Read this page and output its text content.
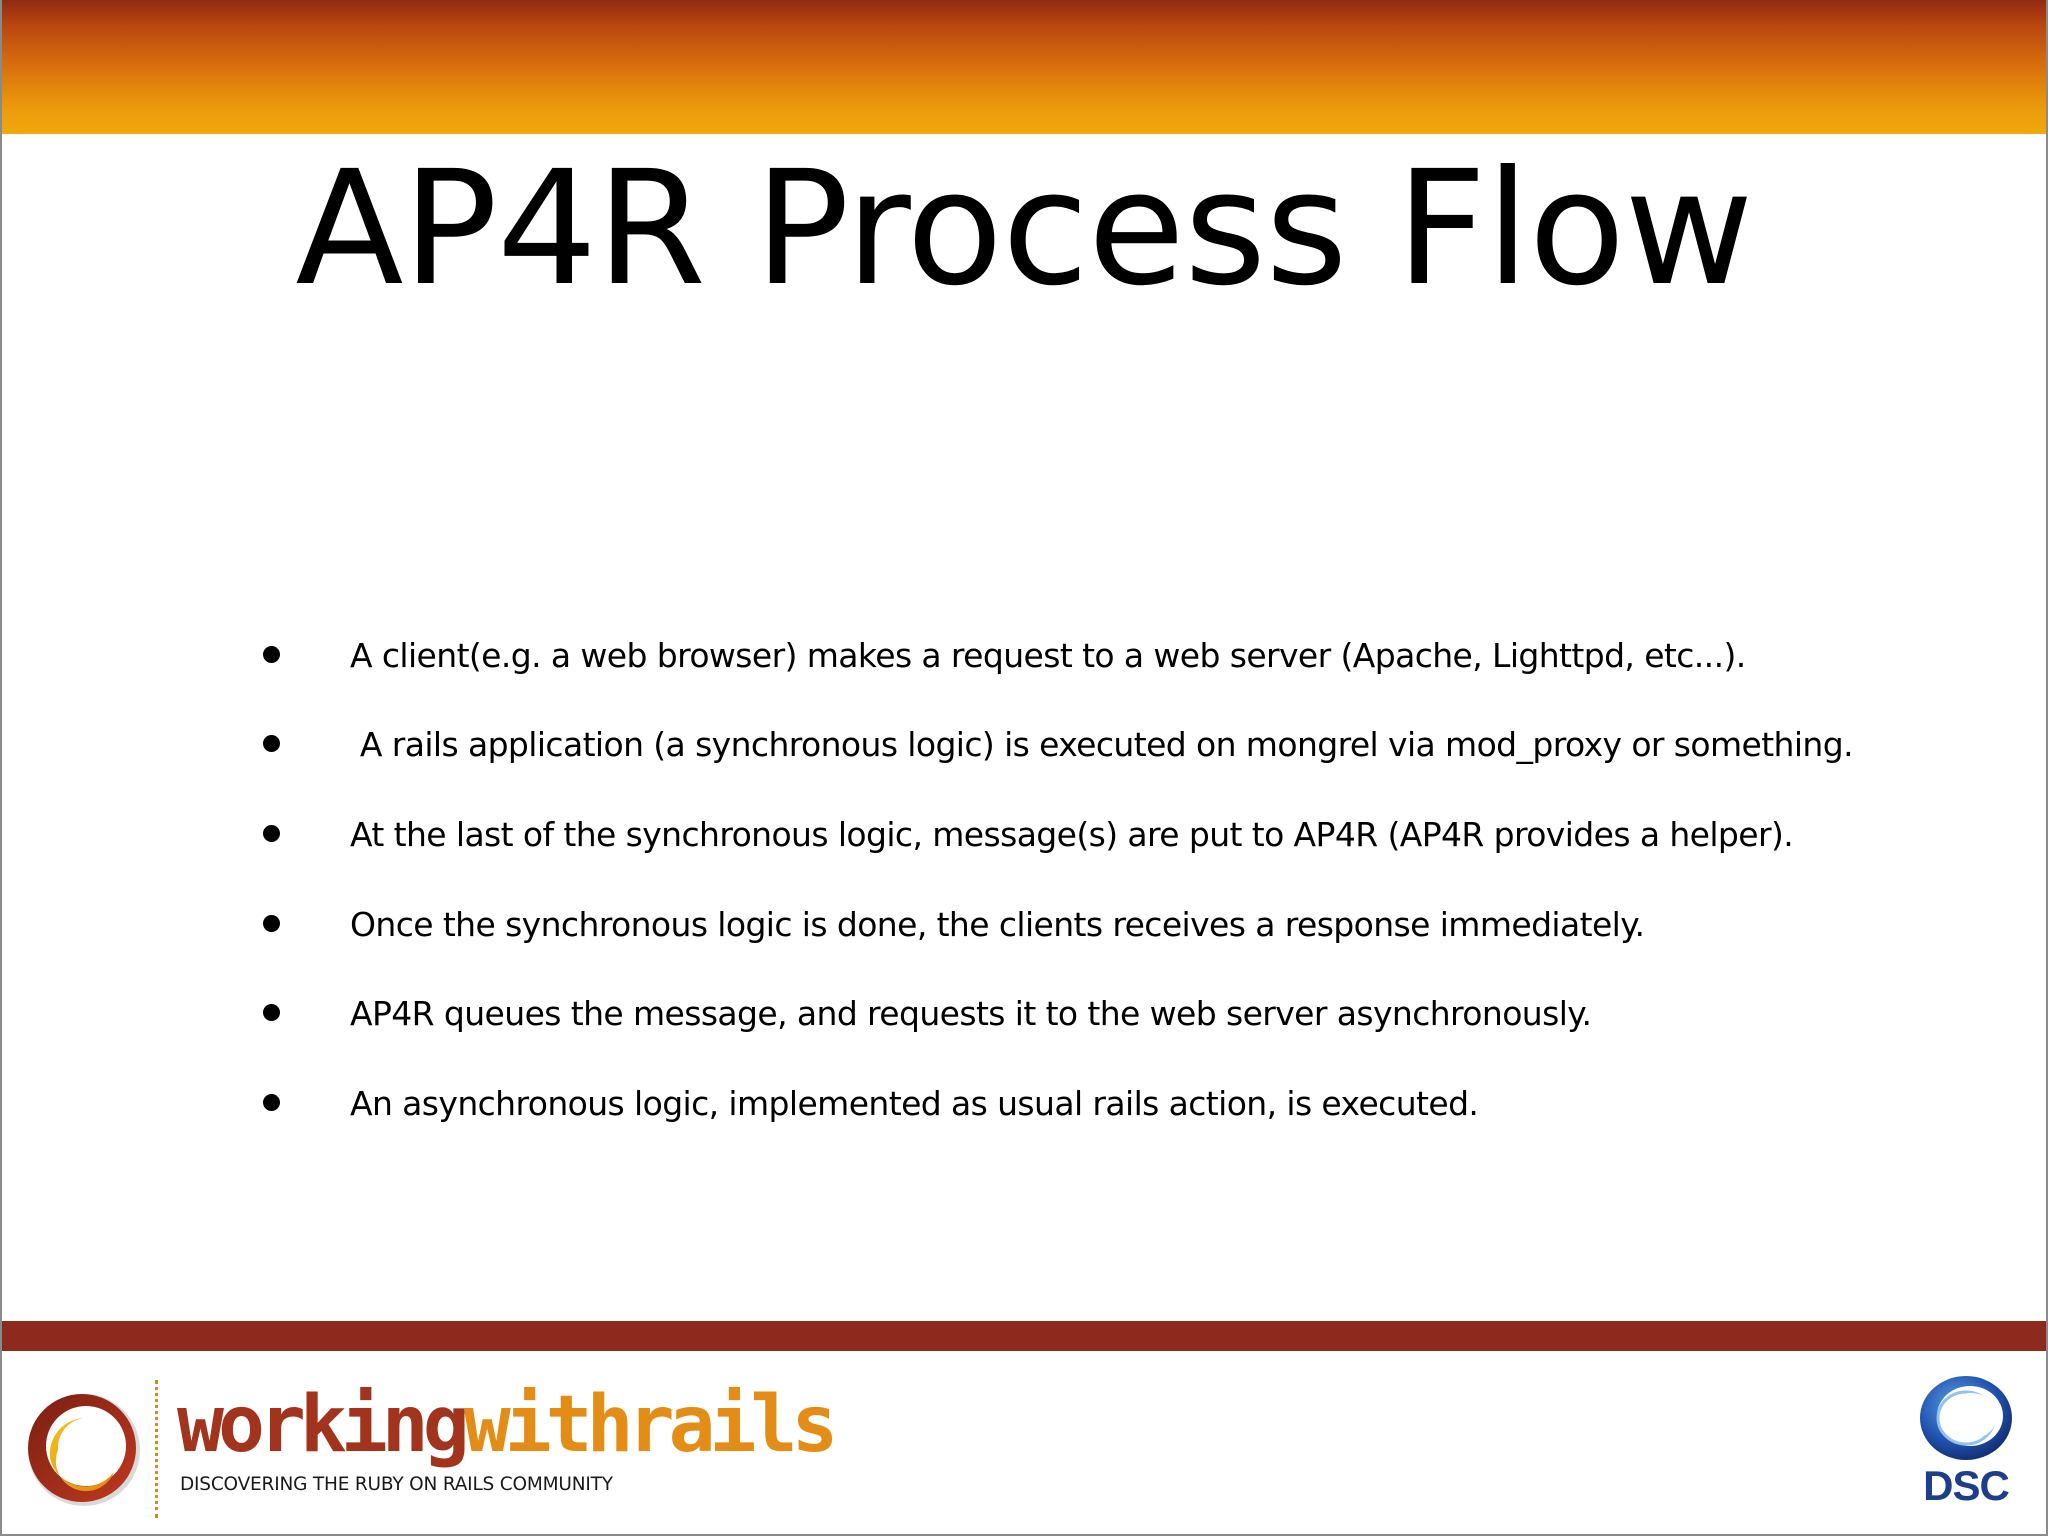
AP4R Process Flow
A client(e.g. a web browser) makes a request to a web server (Apache, Lighttpd, etc...).
A rails application (a synchronous logic) is executed on mongrel via mod_proxy or something.
At the last of the synchronous logic, message(s) are put to AP4R (AP4R provides a helper).
Once the synchronous logic is done, the clients receives a response immediately.
AP4R queues the message, and requests it to the web server asynchronously.
An asynchronous logic, implemented as usual rails action, is executed.
workingwithrails
DISCOVERING THE RUBY ON RAILS COMMUNITY	DSC
